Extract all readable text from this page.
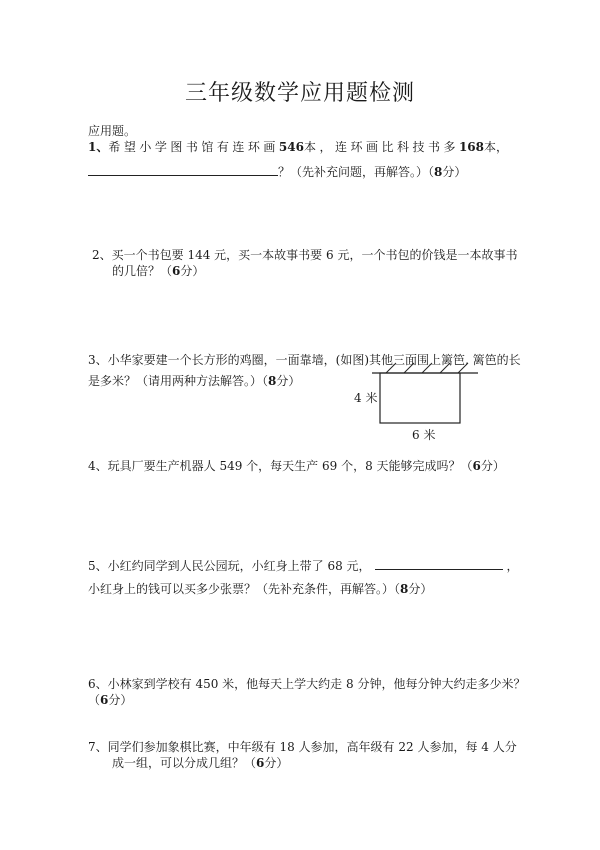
三年级数学应用题检测
应用题。
1、 希望小学图书馆有连环画 546 本，连环画比科技书多 168 本，
？（先补充问题，再解答。）（8分）
2、买一个书包要 144 元，买一本故事书要 6 元，一个书包的价钱是一本故事书
的几倍？（6分）
3、小华家要建一个长方形的鸡圈，一面靠墙，(如图)其他三面围上篱笆, 篱笆的长
是多米？（请用两种方法解答。）（8分）
4 米
6 米
4、玩具厂要生产机器人 549 个，每天生产 69 个，8 天能够完成吗？（6分）
5、小红约同学到人民公园玩，小红身上带了 68 元，	，
小红身上的钱可以买多少张票？（先补充条件，再解答。）（8分）
6、小林家到学校有 450 米，他每天上学大约走 8 分钟，他每分钟大约走多少米？
（6分）
7、同学们参加象棋比赛，中年级有 18 人参加，高年级有 22 人参加，每 4 人分
成一组，可以分成几组？（6分）
